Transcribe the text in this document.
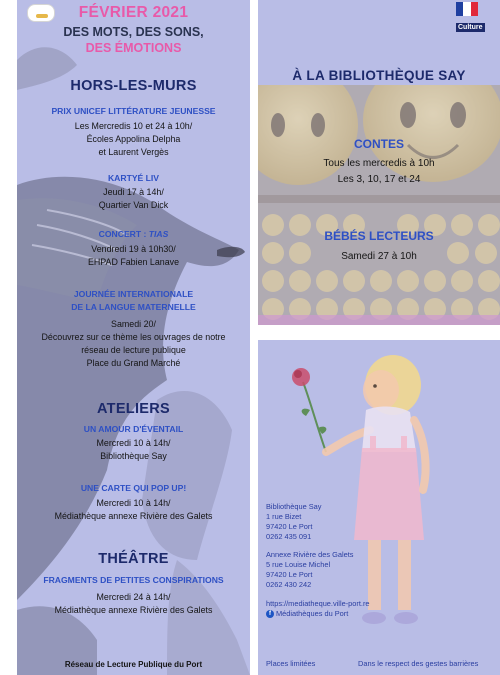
FÉVRIER 2021
DES MOTS, DES SONS,
DES ÉMOTIONS
HORS-LES-MURS
PRIX UNICEF LITTÉRATURE JEUNESSE
Les Mercredis 10 et 24 à 10h/
Écoles Appolina Delpha
et Laurent Vergès
KARTYÉ LIV
Jeudi 17 à 14h/
Quartier Van Dick
CONCERT : TIAS
Vendredi 19 à 10h30/
EHPAD Fabien Lanave
JOURNÉE INTERNATIONALE
DE LA LANGUE MATERNELLE
Samedi 20/
Découvrez sur ce thème les ouvrages de notre
réseau de lecture publique
Place du Grand Marché
ATELIERS
UN AMOUR D'ÉVENTAIL
Mercredi 10 à 14h/
Bibliothèque Say
UNE CARTE QUI POP UP!
Mercredi 10 à 14h/
Médiathèque annexe Rivière des Galets
THÉÂTRE
FRAGMENTS DE PETITES CONSPIRATIONS
Mercredi 24 à 14h/
Médiathèque annexe Rivière des Galets
Réseau de Lecture Publique du Port
Culture
À LA BIBLIOTHÈQUE SAY
CONTES
Tous les mercredis à 10h
Les 3, 10, 17 et 24
BÉBÉS LECTEURS
Samedi 27 à 10h
Bibliothèque Say
1 rue Bizet
97420 Le Port
0262 435 091
Annexe Rivière des Galets
5 rue Louise Michel
97420 Le Port
0262 430 242
https://mediatheque.ville-port.re
f Médiathèques du Port
Places limitées	Dans le respect des gestes barrières
